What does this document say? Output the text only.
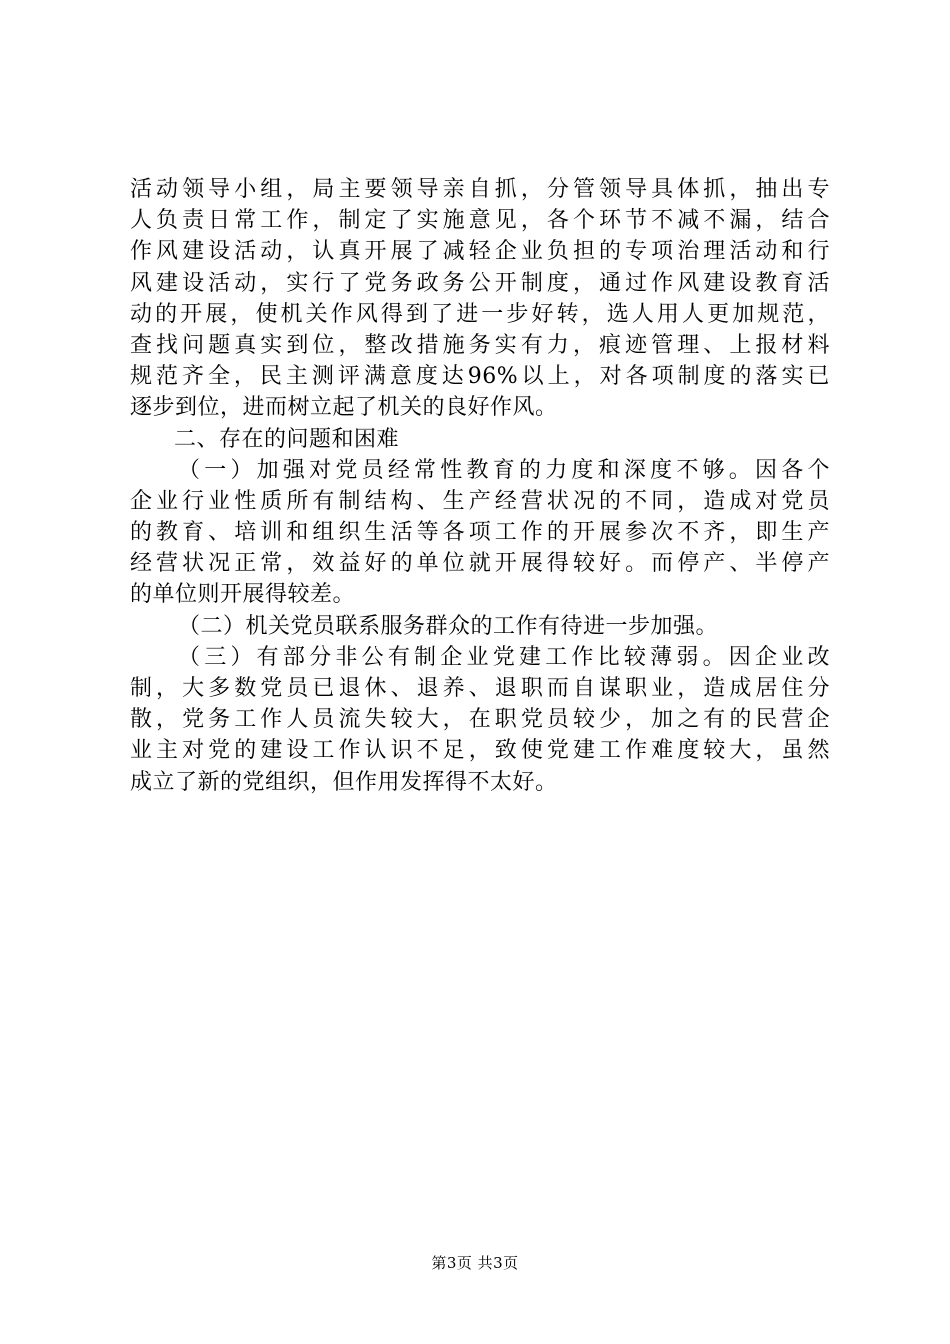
活动领导小组，局主要领导亲自抓，分管领导具体抓，抽出专
人负责日常工作，制定了实施意见，各个环节不减不漏，结合
作风建设活动，认真开展了减轻企业负担的专项治理活动和行
风建设活动，实行了党务政务公开制度，通过作风建设教育活
动的开展，使机关作风得到了进一步好转，选人用人更加规范，
查找问题真实到位，整改措施务实有力，痕迹管理、上报材料
规范齐全，民主测评满意度达96%以上，对各项制度的落实已
逐步到位，进而树立起了机关的良好作风。
二、存在的问题和困难
（一）加强对党员经常性教育的力度和深度不够。因各个
企业行业性质所有制结构、生产经营状况的不同，造成对党员
的教育、培训和组织生活等各项工作的开展参次不齐，即生产
经营状况正常，效益好的单位就开展得较好。而停产、半停产
的单位则开展得较差。
（二）机关党员联系服务群众的工作有待进一步加强。
（三）有部分非公有制企业党建工作比较薄弱。因企业改
制，大多数党员已退休、退养、退职而自谋职业，造成居住分
散，党务工作人员流失较大，在职党员较少，加之有的民营企
业主对党的建设工作认识不足，致使党建工作难度较大，虽然
成立了新的党组织，但作用发挥得不太好。
第3页 共3页
